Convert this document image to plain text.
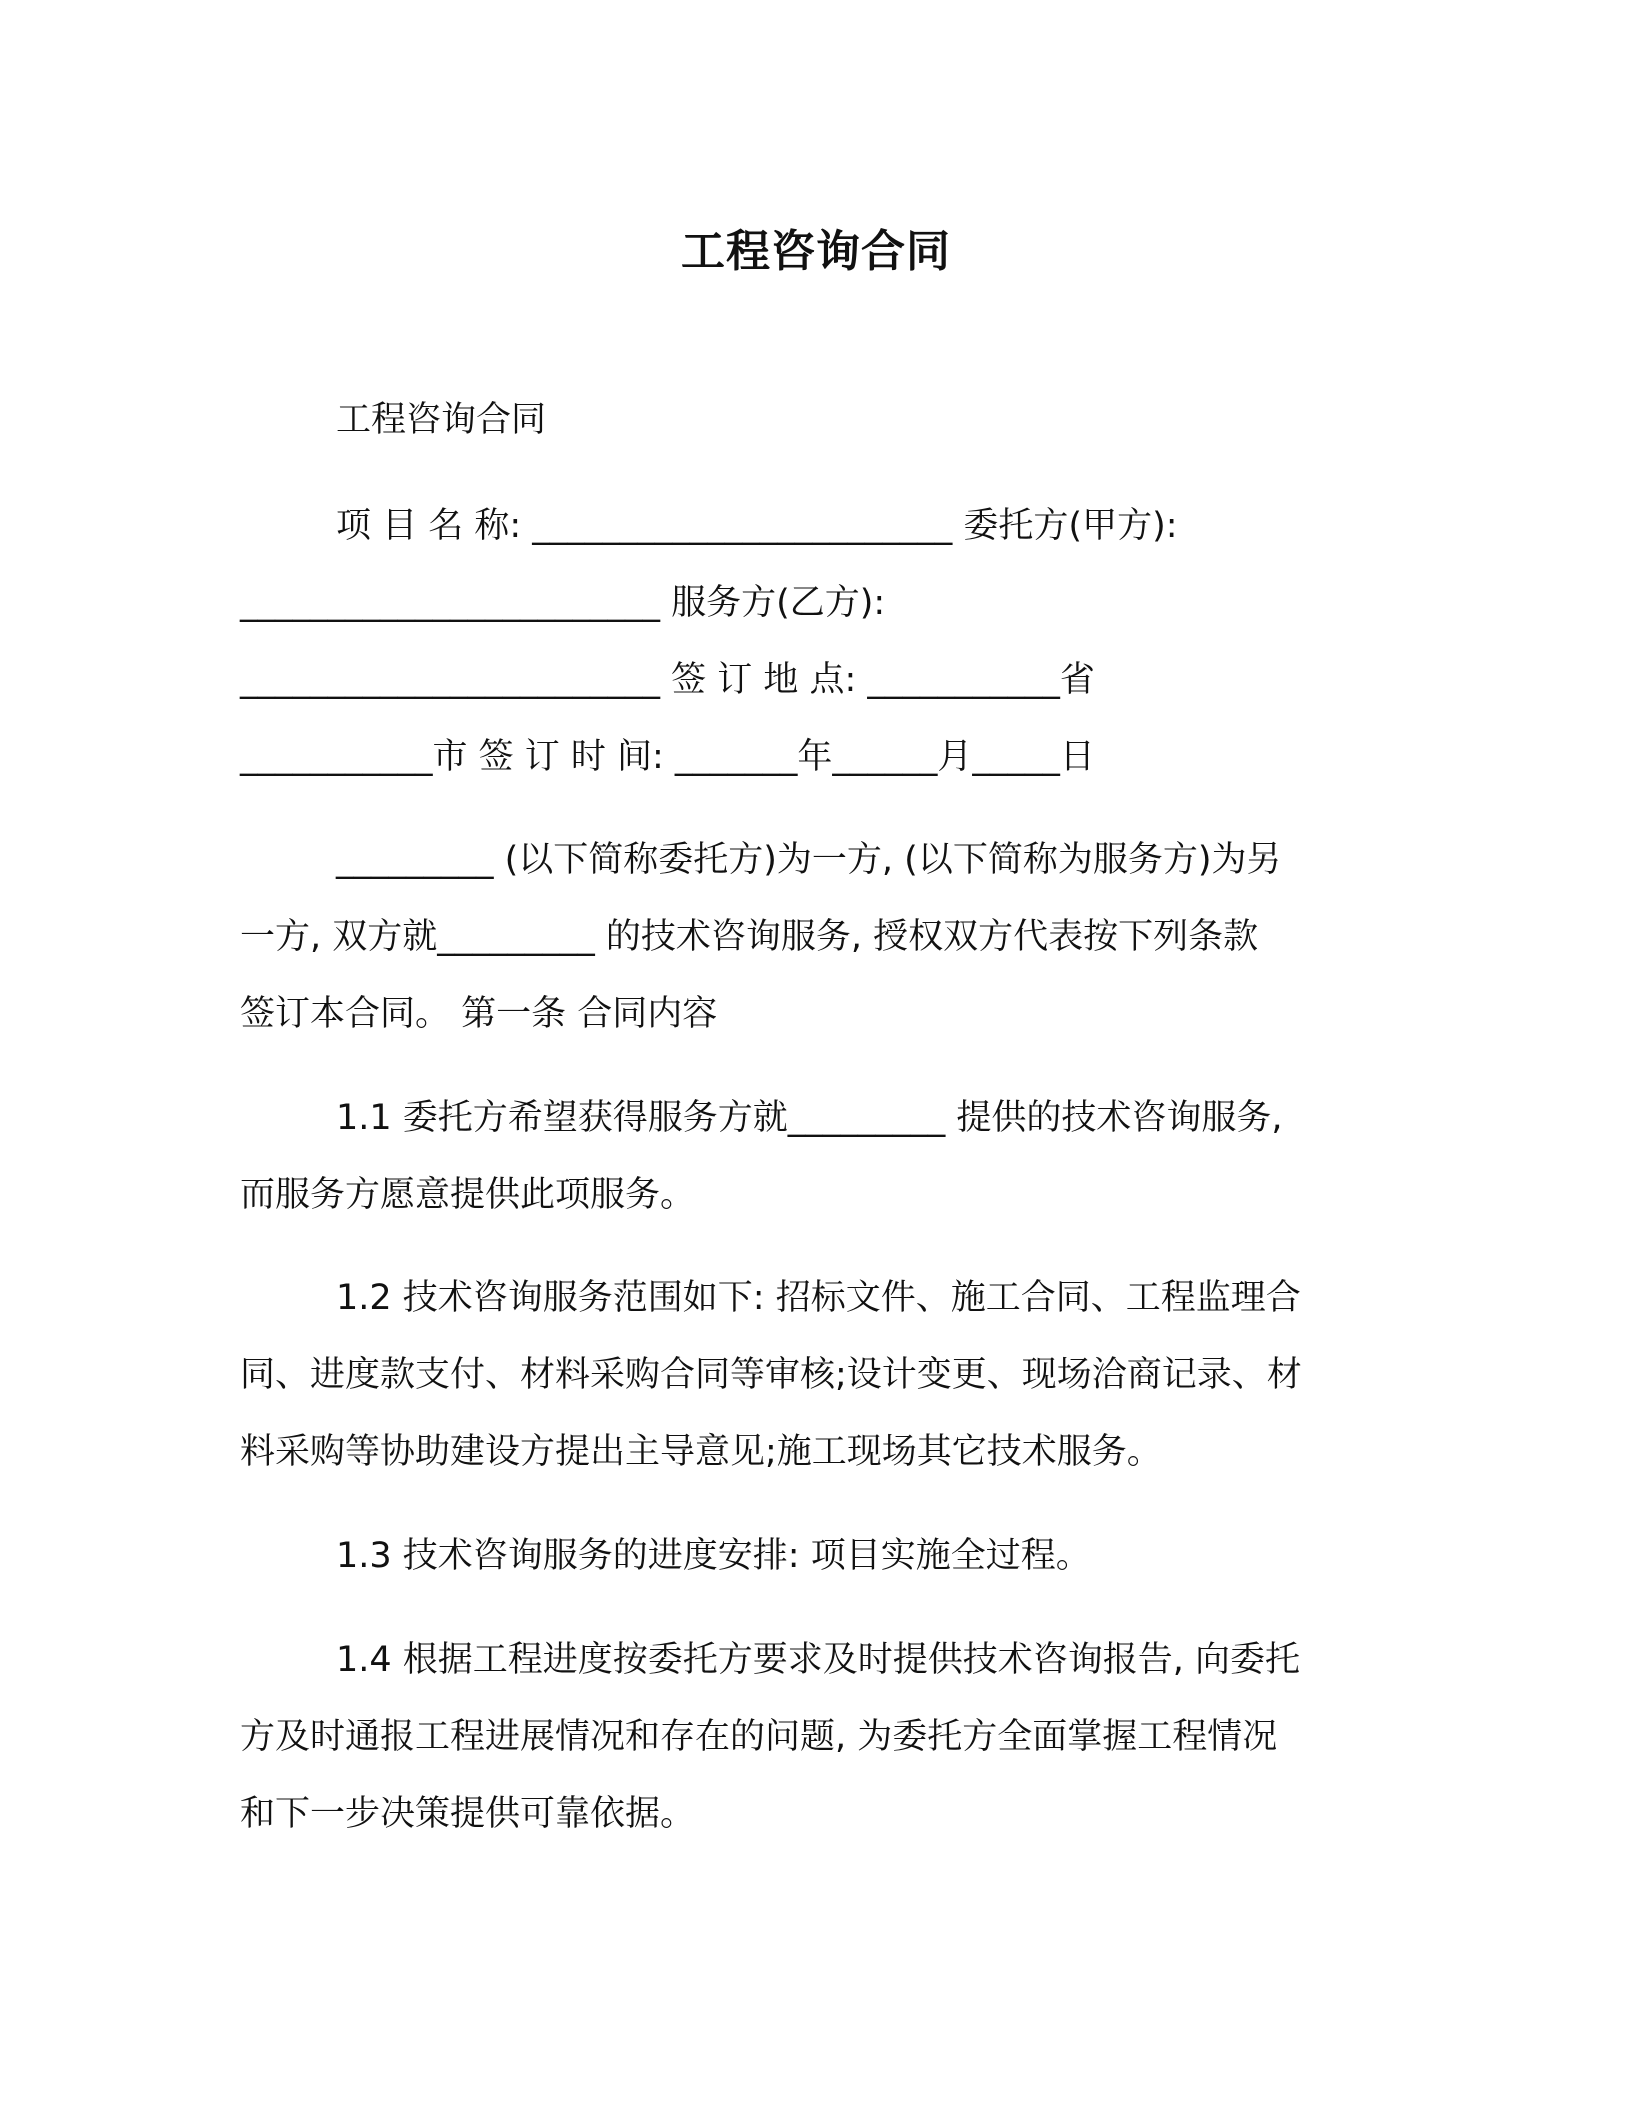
工程咨询合同
工程咨询合同
项 目 名 称: ________________________ 委托方(甲方):
________________________ 服务方(乙方):
________________________ 签 订 地 点: ___________省
___________市 签 订 时 间: _______年______月_____日
_________ (以下简称委托方)为一方, (以下简称为服务方)为另
一方, 双方就_________ 的技术咨询服务, 授权双方代表按下列条款
签订本合同。 第一条 合同内容
1.1 委托方希望获得服务方就_________ 提供的技术咨询服务,
而服务方愿意提供此项服务。
1.2 技术咨询服务范围如下: 招标文件、施工合同、工程监理合
同、进度款支付、材料采购合同等审核;设计变更、现场洽商记录、材
料采购等协助建设方提出主导意见;施工现场其它技术服务。
1.3 技术咨询服务的进度安排: 项目实施全过程。
1.4 根据工程进度按委托方要求及时提供技术咨询报告, 向委托
方及时通报工程进展情况和存在的问题, 为委托方全面掌握工程情况
和下一步决策提供可靠依据。
